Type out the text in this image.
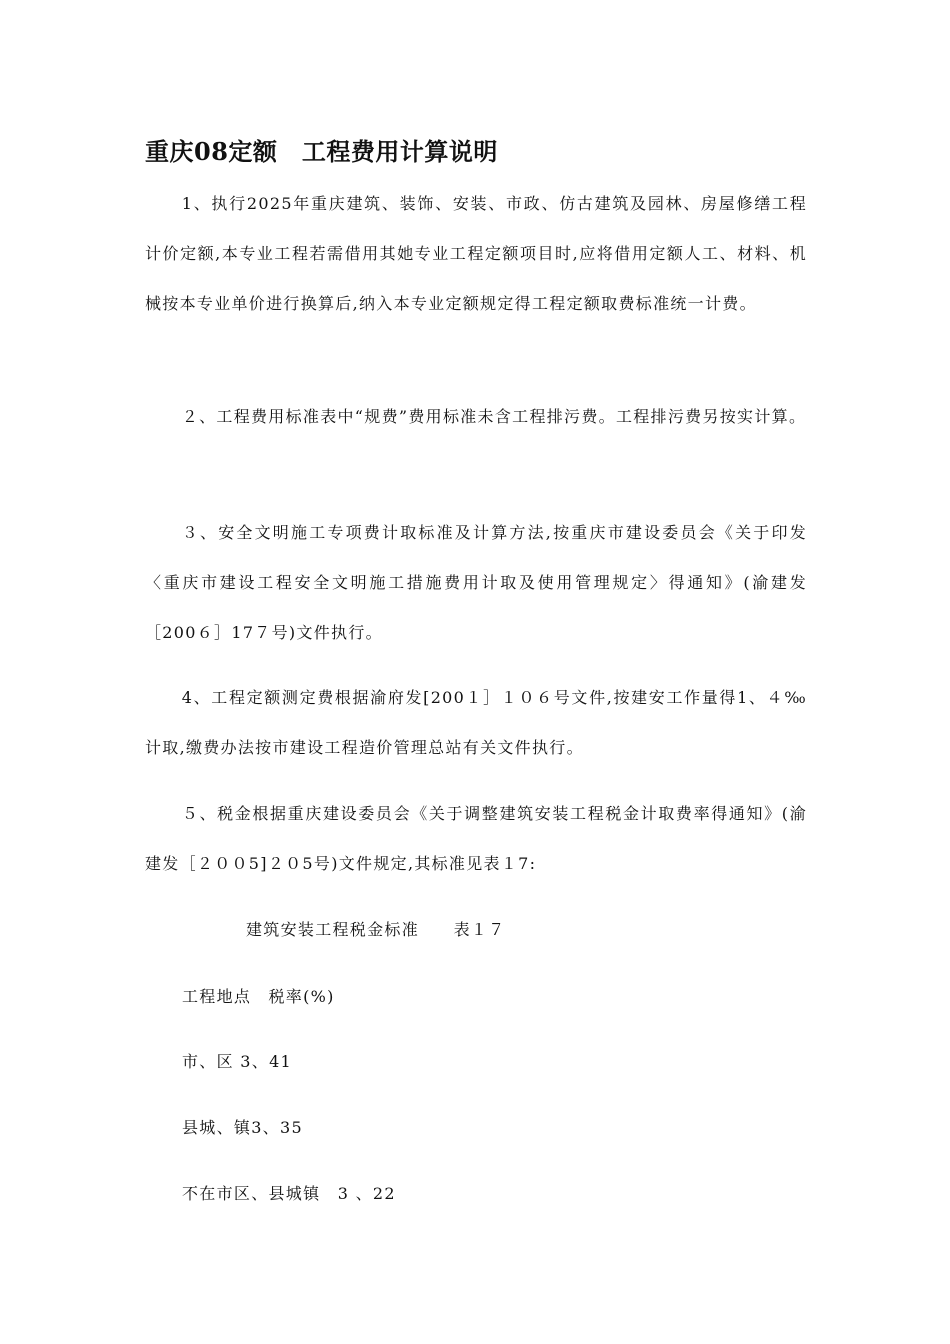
重庆08定额　工程费用计算说明
1、执行2025年重庆建筑、装饰、安装、市政、仿古建筑及园林、房屋修缮工程计价定额,本专业工程若需借用其她专业工程定额项目时,应将借用定额人工、材料、机械按本专业单价进行换算后,纳入本专业定额规定得工程定额取费标准统一计费。
２、工程费用标准表中“规费”费用标准未含工程排污费。工程排污费另按实计算。
３、安全文明施工专项费计取标准及计算方法,按重庆市建设委员会《关于印发〈重庆市建设工程安全文明施工措施费用计取及使用管理规定〉得通知》(渝建发［200６］17７号)文件执行。
4、工程定额测定费根据渝府发[200１］１０６号文件,按建安工作量得1、４‰计取,缴费办法按市建设工程造价管理总站有关文件执行。
５、税金根据重庆建设委员会《关于调整建筑安装工程税金计取费率得通知》(渝建发［２００5]２０5号)文件规定,其标准见表１7:
建筑安装工程税金标准　　表１７
工程地点　税率(%)
市、区 3、41
县城、镇3、35
不在市区、县城镇　3 、22
